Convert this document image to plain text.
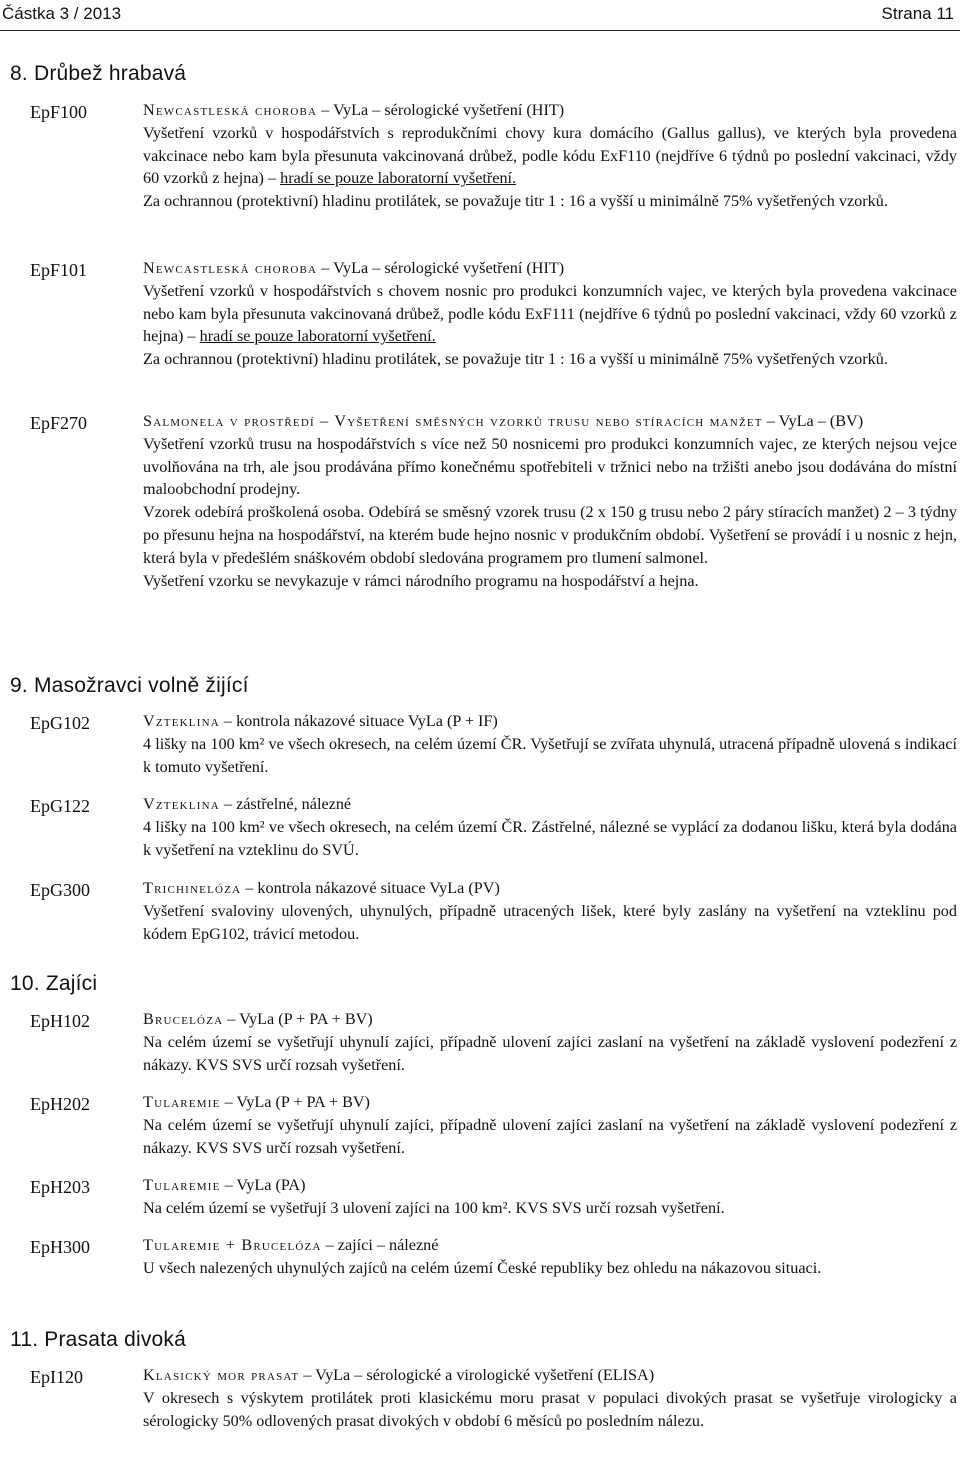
Částka 3 / 2013	Strana 11
8. Drůbež hrabavá
EpF100	Newcastleská choroba – VyLa – sérologické vyšetření (HIT)

Vyšetření vzorků v hospodářstvích s reprodukčními chovy kura domácího (Gallus gallus), ve kterých byla provedena vakcinace nebo kam byla přesunuta vakcinovaná drůbež, podle kódu ExF110 (nejdříve 6 týdnů po poslední vakcinaci, vždy 60 vzorků z hejna) – hradí se pouze laboratorní vyšetření.

Za ochrannou (protektivní) hladinu protilátek, se považuje titr 1 : 16 a vyšší u minimálně 75% vyšetřených vzorků.

EpF101	Newcastleská choroba – VyLa – sérologické vyšetření (HIT)

Vyšetření vzorků v hospodářstvích s chovem nosnic pro produkci konzumních vajec, ve kterých byla provedena vakcinace nebo kam byla přesunuta vakcinovaná drůbež, podle kódu ExF111 (nejdříve 6 týdnů po poslední vakcinaci, vždy 60 vzorků z hejna) – hradí se pouze laboratorní vyšetření.

Za ochrannou (protektivní) hladinu protilátek, se považuje titr 1 : 16 a vyšší u minimálně 75% vyšetřených vzorků.

EpF270	Salmonela v prostředí – Vyšetření směsných vzorků trusu nebo stíracích manžet – VyLa – (BV)

Vyšetření vzorků trusu na hospodářstvích s více než 50 nosnicemi pro produkci konzumních vajec, ze kterých nejsou vejce uvolňována na trh, ale jsou prodávána přímo konečnému spotřebiteli v tržnici nebo na tržišti anebo jsou dodávána do místní maloobchodní prodejny.

Vzorek odebírá proškolená osoba. Odebírá se směsný vzorek trusu (2 x 150 g trusu nebo 2 páry stíracích manžet) 2 – 3 týdny po přesunu hejna na hospodářství, na kterém bude hejno nosnic v produkčním období. Vyšetření se provádí i u nosnic z hejn, která byla v předešlém snáškovém období sledována programem pro tlumení salmonel.

Vyšetření vzorku se nevykazuje v rámci národního programu na hospodářství a hejna.

9. Masožravci volně žijící
EpG102	Vzteklina – kontrola nákazové situace VyLa (P + IF)

4 lišky na 100 km² ve všech okresech, na celém území ČR. Vyšetřují se zvířata uhynulá, utracená případně ulovená s indikací k tomuto vyšetření.

EpG122	Vzteklina – zástřelné, nálezné

4 lišky na 100 km² ve všech okresech, na celém území ČR. Zástřelné, nálezné se vyplácí za dodanou lišku, která byla dodána k vyšetření na vzteklinu do SVÚ.

EpG300	Trichinelóza – kontrola nákazové situace VyLa (PV)

Vyšetření svaloviny ulovených, uhynulých, případně utracených lišek, které byly zaslány na vyšetření na vzteklinu pod kódem EpG102, trávicí metodou.

10. Zajíci
EpH102	Brucelóza – VyLa (P + PA + BV)

Na celém území se vyšetřují uhynulí zajíci, případně ulovení zajíci zaslaní na vyšetření na základě vyslovení podezření z nákazy. KVS SVS určí rozsah vyšetření.

EpH202	Tularemie – VyLa (P + PA + BV)

Na celém území se vyšetřují uhynulí zajíci, případně ulovení zajíci zaslaní na vyšetření na základě vyslovení podezření z nákazy. KVS SVS určí rozsah vyšetření.

EpH203	Tularemie – VyLa (PA)

Na celém území se vyšetřují 3 ulovení zajíci na 100 km². KVS SVS určí rozsah vyšetření.

EpH300	Tularemie + Brucelóza – zajíci – nálezné

U všech nalezených uhynulých zajíců na celém území České republiky bez ohledu na nákazovou situaci.

11. Prasata divoká
EpI120	Klasický mor prasat – VyLa – sérologické a virologické vyšetření (ELISA)

V okresech s výskytem protilátek proti klasickému moru prasat v populaci divokých prasat se vyšetřuje virologicky a sérologicky 50% odlovených prasat divokých v období 6 měsíců po posledním nálezu.
